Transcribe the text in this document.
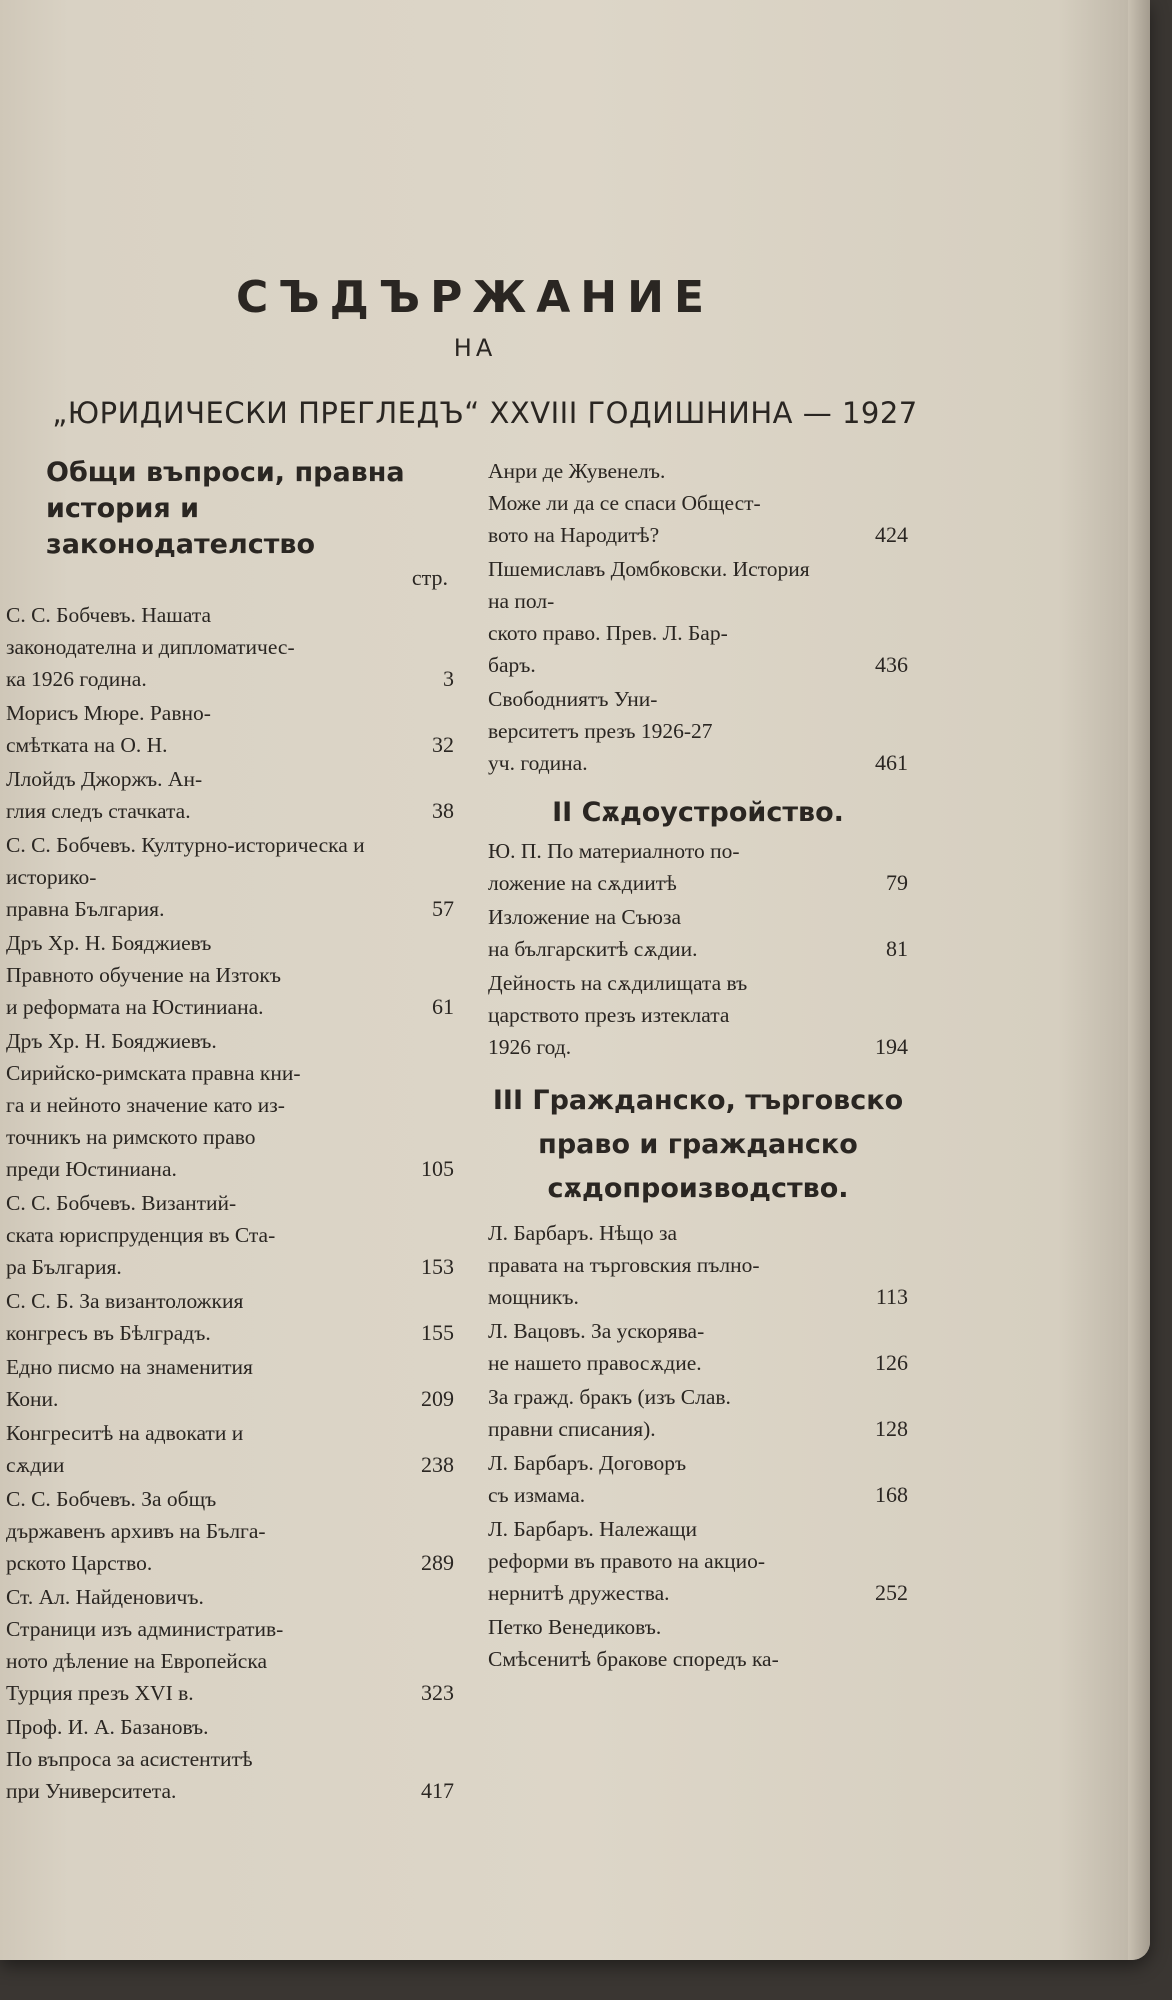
СЪДЪРЖАНИЕ
НА
„ЮРИДИЧЕСКИ ПРЕГЛЕДЪ“ XXVIII ГОДИШНИНА — 1927
Общи въпроси, правна
история и законодателство
стр.
С. С. Бобчевъ. Нашата
законодателна и дипломатичес-
ка 1926 година.	3
Морисъ Мюре. Равно-
смѣтката на О. Н.	32
Ллойдъ Джоржъ. Ан-
глия следъ стачката.	38
С. С. Бобчевъ. Културно-историческа и историко-
правна България.	57
Дръ Хр. Н. Бояджиевъ
Правното обучение на Изтокъ
и реформата на Юстиниана.	61
Дръ Хр. Н. Бояджиевъ.
Сирийско-римската правна кни-
га и нейното значение като из-
точникъ на римското право
преди Юстиниана.	105
С. С. Бобчевъ. Византий-
ската юриспруденция въ Ста-
ра България.	153
С. С. Б. За византоложкия
конгресъ въ Бѣлградъ.	155
Едно писмо на знаменития
Кони.	209
Конгреситѣ на адвокати и
сѫдии	238
С. С. Бобчевъ. За общъ
държавенъ архивъ на Бълга-
рското Царство.	289
Ст. Ал. Найденовичъ.
Страници изъ административ-
ното дѣление на Европейска
Турция презъ XVI в.	323
Проф. И. А. Базановъ.
По въпроса за асистентитѣ
при Университета.	417
Анри де Жувенелъ.
Може ли да се спаси Общест-
вото на Народитѣ?	424
Пшемиславъ Домбковски. История на пол-
ското право. Прев. Л. Бар-
баръ.	436
Свободниятъ Уни-
верситетъ презъ 1926-27
уч. година.	461
II Сѫдоустройство.
Ю. П. По материалното по-
ложение на сѫдиитѣ	79
Изложение на Съюза
на българскитѣ сѫдии.	81
Дейность на сѫдилищата въ
царството презъ изтеклата
1926 год.	194
III Гражданско, търговско
право и гражданско
сѫдопроизводство.
Л. Барбаръ. Нѣщо за
правата на търговския пълно-
мощникъ.	113
Л. Вацовъ. За ускорява-
не нашето правосѫдие.	126
За гражд. бракъ (изъ Слав.
правни списания).	128
Л. Барбаръ. Договоръ
съ измама.	168
Л. Барбаръ. Належащи
реформи въ правото на акцио-
нернитѣ дружества.	252
Петко Венедиковъ.
Смѣсенитѣ бракове споредъ ка-
